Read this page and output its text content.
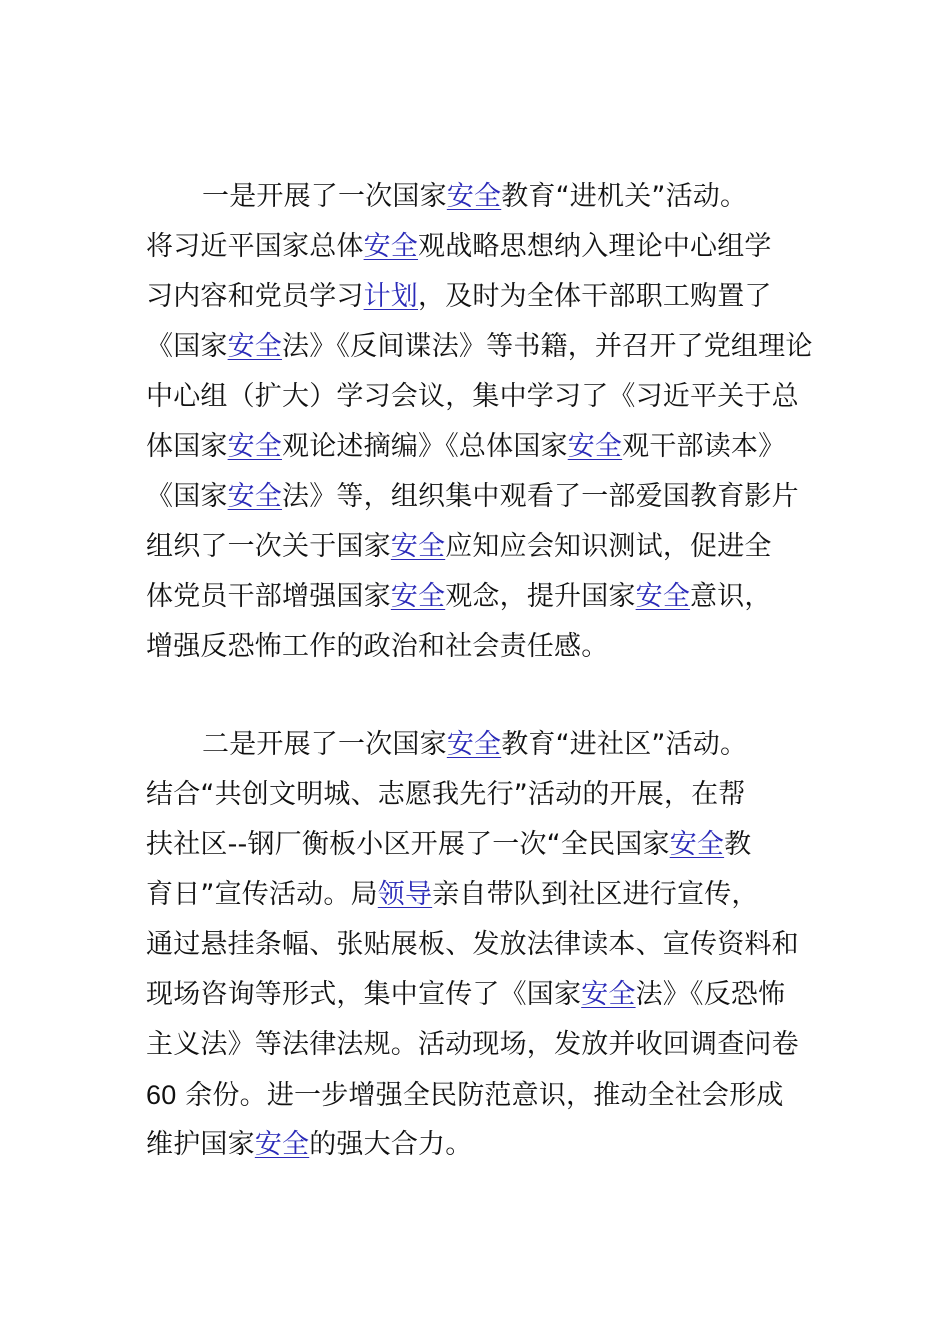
一是开展了一次国家安全教育“进机关”活动。
将习近平国家总体安全观战略思想纳入理论中心组学
习内容和党员学习计划，及时为全体干部职工购置了
《国家安全法》《反间谍法》等书籍，并召开了党组理论
中心组（扩大）学习会议，集中学习了《习近平关于总
体国家安全观论述摘编》《总体国家安全观干部读本》
《国家安全法》等，组织集中观看了一部爱国教育影片
组织了一次关于国家安全应知应会知识测试，促进全
体党员干部增强国家安全观念，提升国家安全意识，
增强反恐怖工作的政治和社会责任感。
二是开展了一次国家安全教育“进社区”活动。
结合“共创文明城、志愿我先行”活动的开展，在帮
扶社区--钢厂衡板小区开展了一次“全民国家安全教
育日”宣传活动。局领导亲自带队到社区进行宣传，
通过悬挂条幅、张贴展板、发放法律读本、宣传资料和
现场咨询等形式，集中宣传了《国家安全法》《反恐怖
主义法》等法律法规。活动现场，发放并收回调查问卷
60 余份。进一步增强全民防范意识，推动全社会形成
维护国家安全的强大合力。
